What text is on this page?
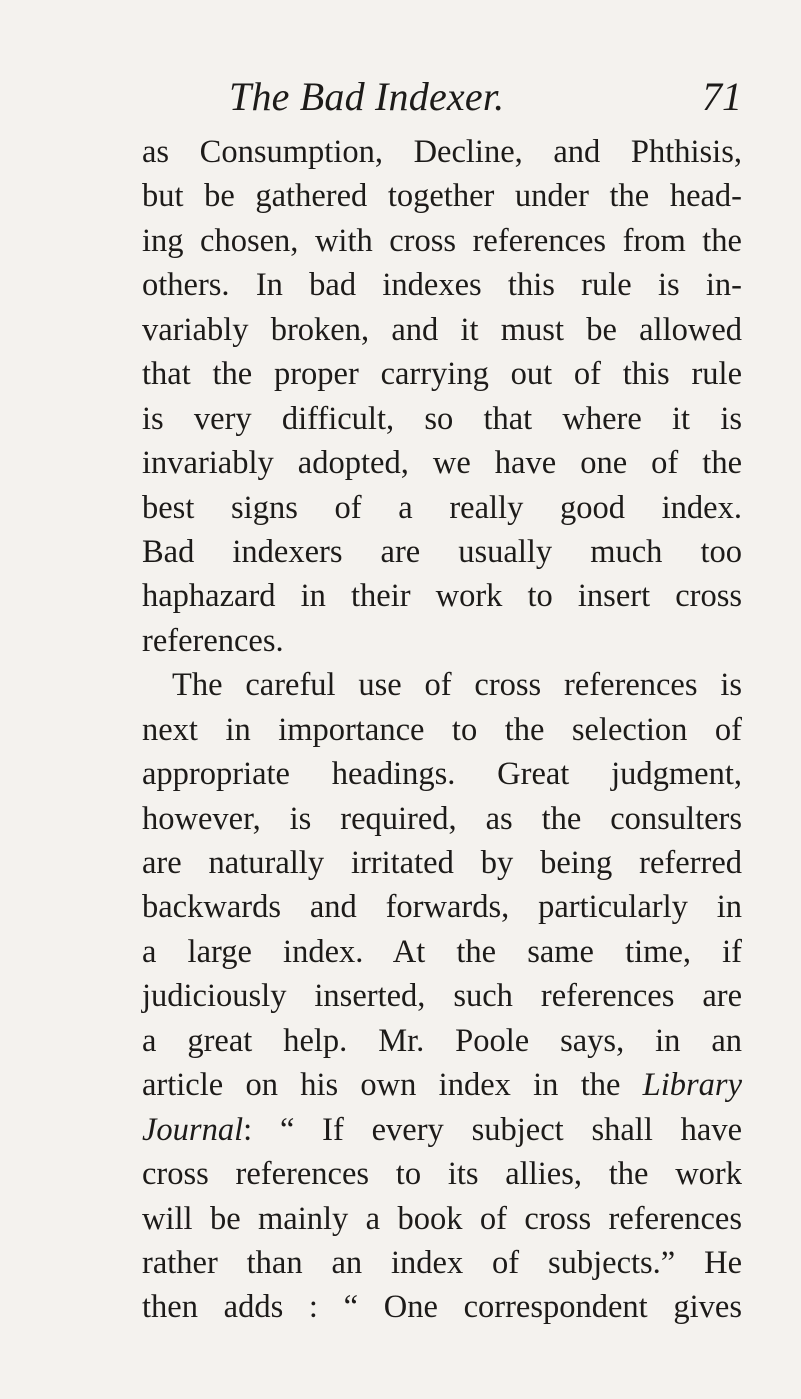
The Bad Indexer.	71
as Consumption, Decline, and Phthisis,
but be gathered together under the head-
ing chosen, with cross references from the
others. In bad indexes this rule is in-
variably broken, and it must be allowed
that the proper carrying out of this rule
is very difficult, so that where it is
invariably adopted, we have one of the
best signs of a really good index.
Bad indexers are usually much too
haphazard in their work to insert cross
references.
The careful use of cross references is
next in importance to the selection of
appropriate headings. Great judgment,
however, is required, as the consulters
are naturally irritated by being referred
backwards and forwards, particularly in
a large index. At the same time, if
judiciously inserted, such references are
a great help. Mr. Poole says, in an
article on his own index in the Library
Journal: “ If every subject shall have
cross references to its allies, the work
will be mainly a book of cross references
rather than an index of subjects.” He
then adds : “ One correspondent gives
